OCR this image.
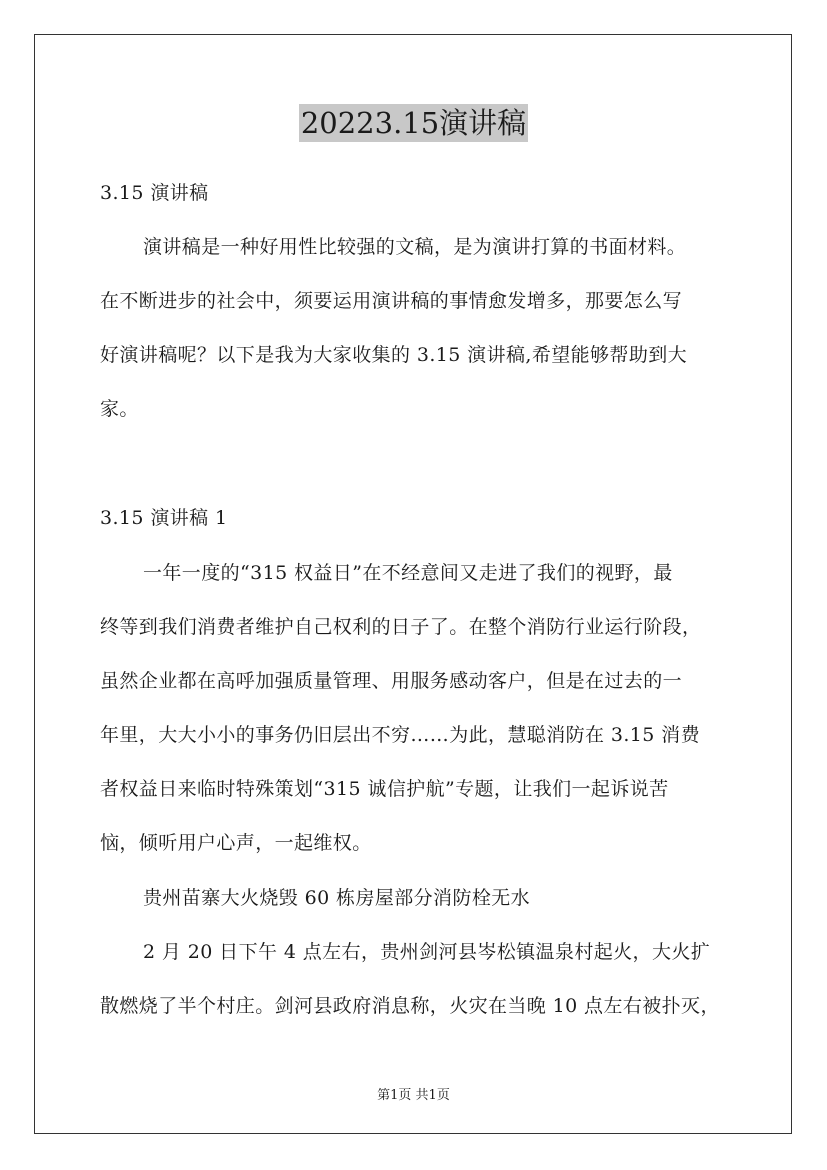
20223.15演讲稿
3.15 演讲稿
演讲稿是一种好用性比较强的文稿，是为演讲打算的书面材料。
在不断进步的社会中，须要运用演讲稿的事情愈发增多，那要怎么写
好演讲稿呢？以下是我为大家收集的 3.15 演讲稿,希望能够帮助到大
家。
3.15 演讲稿 1
一年一度的“315 权益日”在不经意间又走进了我们的视野，最
终等到我们消费者维护自己权利的日子了。在整个消防行业运行阶段，
虽然企业都在高呼加强质量管理、用服务感动客户，但是在过去的一
年里，大大小小的事务仍旧层出不穷……为此，慧聪消防在 3.15 消费
者权益日来临时特殊策划“315 诚信护航”专题，让我们一起诉说苦
恼，倾听用户心声，一起维权。
贵州苗寨大火烧毁 60 栋房屋部分消防栓无水
2 月 20 日下午 4 点左右，贵州剑河县岑松镇温泉村起火，大火扩
散燃烧了半个村庄。剑河县政府消息称，火灾在当晚 10 点左右被扑灭，
第1页 共1页
